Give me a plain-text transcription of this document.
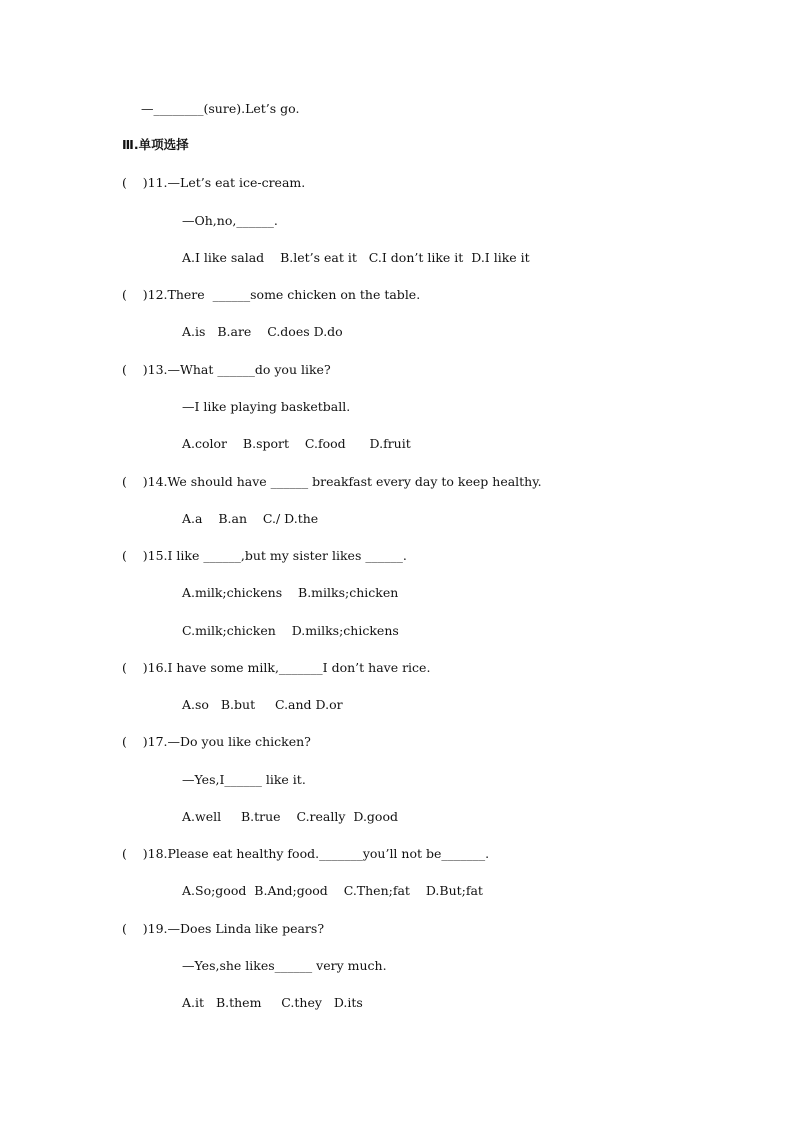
—________(sure).Let’s go.
Ⅲ.单项选择
(    )11.—Let’s eat ice-cream.
—Oh,no,______.
A.I like salad    B.let’s eat it   C.I don’t like it  D.I like it
(    )12.There  ______some chicken on the table.
A.is   B.are    C.does D.do
(    )13.—What ______do you like?
—I like playing basketball.
A.color    B.sport    C.food      D.fruit
(    )14.We should have ______ breakfast every day to keep healthy.
A.a    B.an    C./ D.the
(    )15.I like ______,but my sister likes ______.
A.milk;chickens    B.milks;chicken
C.milk;chicken    D.milks;chickens
(    )16.I have some milk,_______I don’t have rice.
A.so   B.but     C.and D.or
(    )17.—Do you like chicken?
—Yes,I______ like it.
A.well     B.true    C.really  D.good
(    )18.Please eat healthy food._______you’ll not be_______.
A.So;good  B.And;good    C.Then;fat    D.But;fat
(    )19.—Does Linda like pears?
—Yes,she likes______ very much.
A.it   B.them     C.they   D.its
